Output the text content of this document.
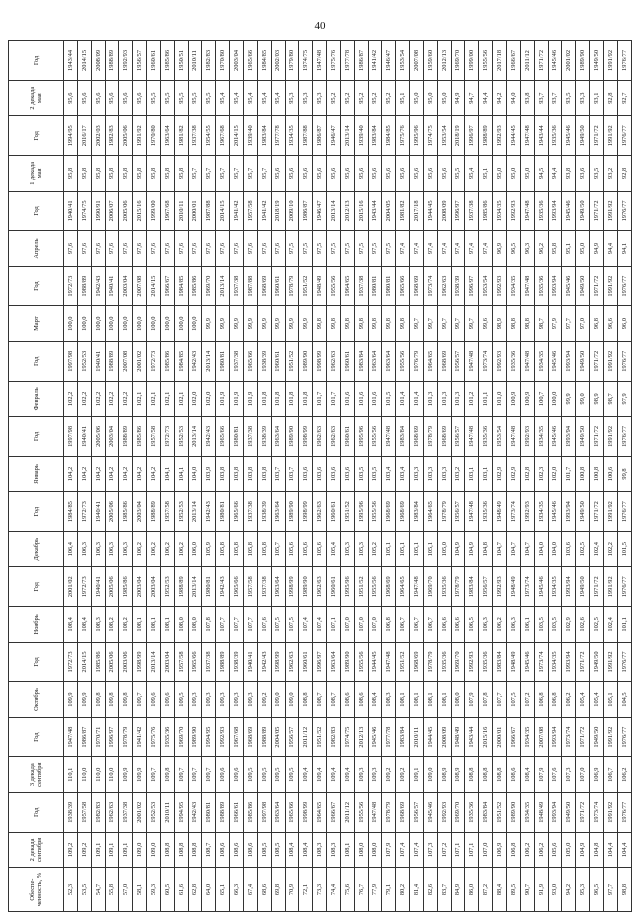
40
Обеспе-ченность, %	2 декада сентября	Год	3 декада сентября	Год	Октябрь	Год	Ноябрь	Год	Декабрь	Год	Январь	Год	Февраль	Год	Март	Год	Апрель	Год	1 декада мая	Год	2 декада мая	Год
52,3	109,2	1938/39	110,1	1947/48	109,9	1972/73	108,4	2001/02	106,4	1984/85	104,2	1997/98	102,2	1997/98	100,0	1972/73	97,6	1940/41	95,8	1994/95	95,6	1943/44
53,5	109,2	1957/58	110,0	1986/87	109,9	2014/15	108,4	1972/73	106,3	1972/73	104,2	1940/41	102,2	1952/53	100,0	1988/89	97,6	1974/75	95,8	2016/17	95,6	2014/15
54,7	109,1	1982/83	110,0	1970/71	109,8	1985/86	108,3	1940/41	106,3	1940/41	104,2	2005/06	102,2	1940/41	100,0	1942/43	97,6	1990/91	95,8	2002/03	95,6	2008/09
55,8	109,1	1962/63	110,0	1996/97	109,8	2005/06	108,2	2005/06	106,3	2005/06	104,2	2003/04	102,2	1988/89	100,0	1940/41	97,6	2006/07	95,8	1982/83	95,6	1988/89
57,0	109,1	1937/38	109,9	1978/79	109,8	2003/06	108,2	1985/86	106,3	1985/86	104,2	1988/89	102,2	2007/08	100,0	2003/04	97,6	2005/06	95,8	2005/06	95,6	1992/93
58,1	109,0	2001/02	109,9	1941/42	109,7	1998/99	108,1	2003/04	106,2	2003/04	104,2	1985/86	102,1	2001/02	100,0	2007/08	97,6	2015/16	95,8	1991/92	95,6	1956/57
59,3	109,0	1952/53	109,7	1975/76	109,6	2013/14	108,1	2003/04	106,2	1988/89	104,2	1957/58	102,1	1972/73	100,0	2014/15	97,6	1999/00	95,8	1970/80	95,5	1960/61
60,5	108,8	2010/11	109,8	1935/36	109,6	2003/04	108,1	1952/53	106,2	1957/58	104,1	1972/73	102,1	1985/86	100,0	1966/67	97,6	1967/68	95,8	1963/64	95,5	1985/86
61,6	108,8	1994/95	109,7	1969/70	109,5	1957/58	108,0	1988/89	106,2	1952/53	104,1	1952/53	102,1	1984/85	100,0	1984/85	97,6	2010/11	95,8	1981/82	95,5	1950/51
62,8	108,8	1942/43	109,7	1989/90	109,3	1965/66	108,0	2013/14	106,0	2013/14	104,0	2013/14	102,0	1942/43	100,0	1985/86	97,6	2000/01	95,7	1937/38	95,5	2010/11
64,0	108,7	1980/81	109,7	1994/95	109,3	1937/38	107,8	1980/81	105,9	1942/43	103,9	1942/43	102,0	2013/14	99,9	1969/70	97,6	1987/88	95,7	1954/55	95,5	1982/83
65,1	108,6	1988/89	109,6	1992/93	109,3	1988/89	107,7	1942/43	105,8	1980/81	103,8	1965/66	101,9	1980/81	99,9	2013/14	97,6	2014/15	95,7	1967/68	95,4	1970/80
66,3	108,6	1966/61	109,6	1967/68	109,3	1938/39	107,7	1965/66	105,8	1965/66	103,8	1980/81	101,9	1937/38	99,9	1937/38	97,6	1941/42	95,7	2014/15	95,4	2003/04
67,4	108,6	1985/86	109,5	1968/69	109,3	1940/41	107,7	1957/58	105,8	1937/38	103,8	1937/38	101,9	1965/66	99,9	1987/88	97,6	1957/58	95,7	1939/40	95,4	1965/66
68,6	108,5	1997/98	109,5	1988/89	109,2	1942/43	107,6	1937/38	105,8	1938/39	103,8	1938/39	101,8	1938/39	99,9	1968/69	97,6	1941/42	95,7	1983/84	95,4	1984/85
69,8	108,5	1963/64	109,5	2004/05	109,0	1998/99	107,5	1963/64	105,7	1963/64	103,7	1963/64	101,8	1960/61	99,9	1960/61	97,6	2018/19	95,6	1977/78	95,4	2002/03
70,9	108,4	1965/66	109,5	1956/57	109,0	1962/63	107,5	1998/99	105,6	1989/90	103,7	1989/90	101,8	1951/52	99,9	1978/79	97,5	2009/10	95,6	1934/35	95,3	1979/80
72,1	108,4	1998/99	109,4	2011/12	108,8	1960/61	107,4	1989/90	105,6	1998/99	103,6	1998/99	101,8	1989/90	99,9	1951/52	97,5	1986/87	95,6	1987/88	95,3	1974/75
73,3	108,3	1964/65	109,4	1951/52	108,7	1996/97	107,4	1962/63	105,6	1962/63	103,6	1962/63	101,7	1998/99	99,8	1948/49	97,5	1946/47	95,6	1986/87	95,3	1947/48
74,4	108,3	1966/67	109,4	1982/83	108,7	1963/64	107,1	1960/61	105,4	1960/61	103,6	1962/63	101,7	1962/63	99,8	1955/56	97,5	2013/14	95,6	1946/47	95,2	1975/76
75,6	108,1	2011/12	109,4	1974/75	108,6	1989/90	107,0	1995/96	105,3	1951/52	103,6	1960/61	101,6	1960/61	99,8	1964/65	97,5	2012/13	95,6	2013/14	95,2	1977/78
76,7	108,0	1955/56	109,3	2012/13	108,6	1955/56	107,0	1951/52	105,3	1995/96	103,5	1995/96	101,6	1983/84	99,8	1937/38	97,5	2015/16	95,6	1939/40	95,2	1986/87
77,9	108,0	1947/48	109,3	1945/46	108,4	1944/45	107,0	1955/56	105,2	1955/56	103,5	1955/56	101,6	1963/64	99,8	1980/81	97,5	1943/44	95,6	1983/84	95,2	1941/42
79,1	107,9	1978/79	109,2	1977/78	108,3	1947/48	106,8	1968/69	105,1	1968/69	103,4	1947/48	101,5	1963/64	99,8	1980/81	97,5	2004/05	95,6	1984/85	95,2	1946/47
80,2	107,4	1968/69	109,2	1983/84	108,1	1951/52	106,7	1964/65	105,1	1968/69	103,4	1983/84	101,4	1955/56	99,8	1965/66	97,4	1981/82	95,6	1975/76	95,1	1953/54
81,4	107,4	1956/57	109,1	2010/11	108,1	1968/69	106,7	1947/48	105,1	1983/84	103,3	1968/69	101,4	1976/79	99,7	1968/69	97,4	2017/18	95,6	1995/96	95,0	2007/08
82,6	107,3	1945/46	109,0	1944/45	108,1	1978/79	106,7	1969/70	105,1	1964/65	103,3	1978/79	101,3	1964/65	99,7	1973/74	97,4	1944/45	95,6	1974/75	95,0	1959/60
83,7	107,2	1992/93	108,9	2008/09	108,1	1935/36	106,6	1935/36	105,0	1978/79	103,3	1968/69	101,3	1968/69	99,7	1962/63	97,4	2008/09	95,6	1953/54	95,0	2012/13
84,9	107,1	1969/70	108,9	1948/49	108,0	1969/70	106,6	1978/79	104,9	1956/57	103,2	1956/57	101,3	1956/57	99,7	1938/39	97,4	1996/97	95,5	2018/19	94,9	1969/70
86,0	107,1	1935/36	108,8	1943/44	107,9	1992/93	106,5	1983/84	104,9	1947/48	103,1	1947/48	101,2	1947/48	99,7	1996/97	97,4	1937/38	95,4	1996/97	94,7	1999/00
87,2	107,0	1983/84	108,8	2015/16	107,8	1935/36	106,3	1956/57	104,8	1935/36	103,1	1935/36	101,1	1973/74	99,6	1953/54	97,4	1985/86	95,1	1988/89	94,4	1955/56
88,4	106,9	1951/52	108,8	2000/01	107,7	1983/84	106,2	1992/93	104,7	1948/49	102,9	1953/54	101,0	1992/93	98,9	1992/93	96,9	1934/35	95,0	1992/93	94,2	2017/18
89,5	106,8	1989/90	108,6	1966/67	107,5	1948/49	106,3	1948/49	104,7	1973/74	102,9	1947/48	100,9	1935/36	98,8	1934/35	96,5	1992/93	95,0	1944/45	94,0	1966/67
90,7	106,2	1934/35	108,4	1934/35	107,2	1945/46	106,1	1973/74	104,7	1992/93	102,8	1992/93	100,9	1947/48	98,8	1947/48	96,3	1947/48	95,0	1947/48	93,8	2011/12
91,9	106,2	1948/49	107,9	2007/08	106,8	1973/74	103,5	1945/46	104,0	1934/35	102,3	1934/35	100,7	1934/35	98,7	1935/36	96,2	1935/36	94,5	1943/44	93,7	1971/72
93,0	105,6	1993/94	107,6	1993/94	106,8	1934/35	103,5	1934/35	104,0	1945/46	102,0	1945/46	100,0	1945/46	97,9	1993/94	95,8	1993/94	94,4	1935/36	93,7	1945/46
94,2	105,0	1949/50	107,3	1973/74	106,2	1993/94	102,9	1993/94	103,6	1993/94	101,7	1993/94	99,9	1993/94	97,7	1945/46	95,1	1945/46	93,8	1945/46	93,5	2001/02
95,3	104,9	1971/72	107,0	1971/72	105,4	1971/72	102,6	1949/50	102,5	1949/50	100,8	1949/50	99,0	1949/50	97,0	1949/50	95,0	1949/50	93,6	1949/50	93,3	1989/90
96,5	104,8	1973/74	106,9	1949/50	105,4	1949/50	102,5	1971/72	102,4	1971/72	100,8	1971/72	98,9	1971/72	96,8	1971/72	94,9	1971/72	93,5	1971/72	93,1	1949/50
97,7	104,4	1991/92	106,7	1991/92	105,1	1991/92	102,4	1991/92	102,2	1991/92	100,6	1991/92	98,7	1991/92	96,6	1991/92	94,4	1991/92	93,2	1991/92	92,8	1991/92
98,8	104,4	1976/77	106,2	1976/77	104,5	1976/77	101,1	1976/77	101,5	1976/77	99,8	1976/77	97,9	1976/77	96,0	1976/77	94,1	1976/77	92,8	1976/77	92,7	1976/77
